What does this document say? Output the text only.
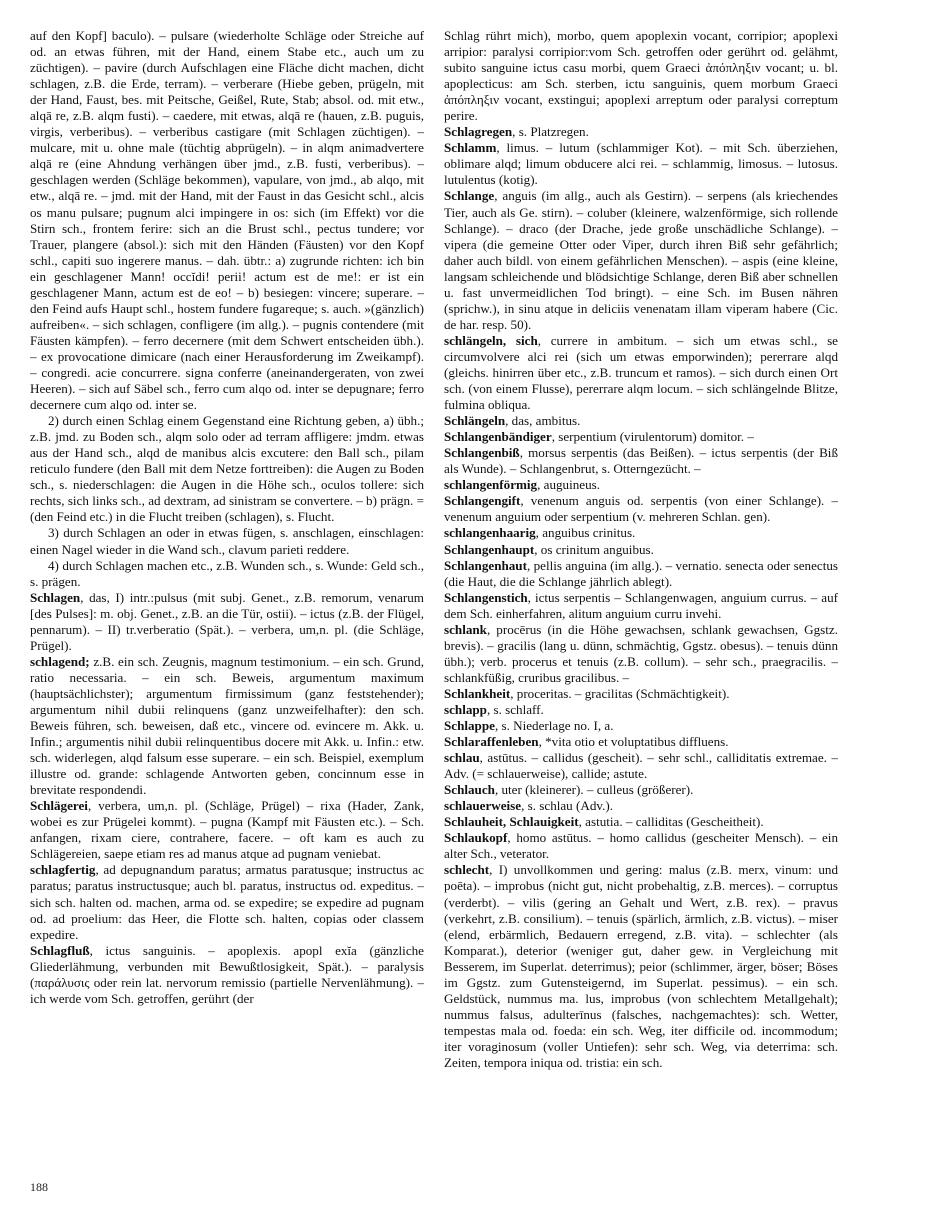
auf den Kopf] baculo). – pulsare (wiederholte Schläge oder Streiche auf od. an etwas führen, mit der Hand, einem Stabe etc., auch um zu züchtigen). – pavire (durch Aufschlagen eine Fläche dicht machen, dicht schlagen, z.B. die Erde, terram). – verberare (Hiebe geben, prügeln, mit der Hand, Faust, bes. mit Peitsche, Geißel, Rute, Stab; absol. od. mit etw., alqā re, z.B. alqm fusti). – caedere, mit etwas, alqā re (hauen, z.B. puguis, virgis, verberibus). – verberibus castigare (mit Schlagen züchtigen). – mulcare, mit u. ohne male (tüchtig abprügeln). – in alqm animadvertere alqā re (eine Ahndung verhängen über jmd., z.B. fusti, verberibus). – geschlagen werden (Schläge bekommen), vapulare, von jmd., ab alqo, mit etw., alqā re. – jmd. mit der Hand, mit der Faust in das Gesicht schl., alcis os manu pulsare; pugnum alci impingere in os: sich (im Effekt) vor die Stirn sch., frontem ferire: sich an die Brust schl., pectus tundere; vor Trauer, plangere (absol.): sich mit den Händen (Fäusten) vor den Kopf schl., capiti suo ingerere manus. – dah. übtr.: a) zugrunde richten: ich bin ein geschlagener Mann! occĭdi! perii! actum est de me!: er ist ein geschlagener Mann, actum est de eo! – b) besiegen: vincere; superare. – den Feind aufs Haupt schl., hostem fundere fugareque; s. auch. »(gänzlich) aufreiben«. – sich schlagen, confligere (im allg.). – pugnis contendere (mit Fäusten kämpfen). – ferro decernere (mit dem Schwert entscheiden übh.). – ex provocatione dimicare (nach einer Herausforderung im Zweikampf). – congredi. acie concurrere. signa conferre (aneinandergeraten, von zwei Heeren). – sich auf Säbel sch., ferro cum alqo od. inter se depugnare; ferro decernere cum alqo od. inter se.

2) durch einen Schlag einem Gegenstand eine Richtung geben, a) übh.; z.B. jmd. zu Boden sch., alqm solo oder ad terram affligere: jmdm. etwas aus der Hand sch., alqd de manibus alcis excutere: den Ball sch., pilam reticulo fundere (den Ball mit dem Netze forttreiben): die Augen zu Boden sch., s. niederschlagen: die Augen in die Höhe sch., oculos tollere: sich rechts, sich links sch., ad dextram, ad sinistram se convertere. – b) prägn. = (den Feind etc.) in die Flucht treiben (schlagen), s. Flucht.

3) durch Schlagen an oder in etwas fügen, s. anschlagen, einschlagen: einen Nagel wieder in die Wand sch., clavum parieti reddere.

4) durch Schlagen machen etc., z.B. Wunden sch., s. Wunde: Geld sch., s. prägen.

Schlagen, das, I) intr.:pulsus (mit subj. Genet., z.B. remorum, venarum [des Pulses]: m. obj. Genet., z.B. an die Tür, ostii). – ictus (z.B. der Flügel, pennarum). – II) tr.verberatio (Spät.). – verbera, um,n. pl. (die Schläge, Prügel).

schlagend; z.B. ein sch. Zeugnis, magnum testimonium. – ein sch. Grund, ratio necessaria. – ein sch. Beweis, argumentum maximum (hauptsächlichster); argumentum firmissimum (ganz feststehender); argumentum nihil dubii relinquens (ganz unzweifelhafter): den sch. Beweis führen, sch. beweisen, daß etc., vincere od. evincere m. Akk. u. Infin.; argumentis nihil dubii relinquentibus docere mit Akk. u. Infin.: etw. sch. widerlegen, alqd falsum esse superare. – ein sch. Beispiel, exemplum illustre od. grande: schlagende Antworten geben, concinnum esse in brevitate respondendi.

Schlägerei, verbera, um,n. pl. (Schläge, Prügel) – rixa (Hader, Zank, wobei es zur Prügelei kommt). – pugna (Kampf mit Fäusten etc.). – Sch. anfangen, rixam ciere, contrahere, facere. – oft kam es auch zu Schlägereien, saepe etiam res ad manus atque ad pugnam veniebat.

schlagfertig, ad depugnandum paratus; armatus paratusque; instructus ac paratus; paratus instructusque; auch bl. paratus, instructus od. expeditus. – sich sch. halten od. machen, arma od. se expedire; se expedire ad pugnam od. ad proelium: das Heer, die Flotte sch. halten, copias oder classem expedire.

Schlagfluß, ictus sanguinis. – apoplexis. apopl exĭa (gänzliche Gliederlähmung, verbunden mit Bewußtlosigkeit, Spät.). – paralysis (παράλυσις oder rein lat. nervorum remissio (partielle Nervenlähmung). – ich werde vom Sch. getroffen, gerührt (der

Schlag rührt mich), morbo, quem apoplexin vocant, corripior; apoplexi arripior: paralysi corripior:vom Sch. getroffen oder gerührt od. gelähmt, subito sanguine ictus casu morbi, quem Graeci ἀπόπληξιν vocant; u. bl. apoplecticus: am Sch. sterben, ictu sanguinis, quem morbum Graeci ἀπόπληξιν vocant, exstingui; apoplexi arreptum oder paralysi correptum perire.

Schlagregen, s. Platzregen.

Schlamm, limus. – lutum (schlammiger Kot). – mit Sch. überziehen, oblimare alqd; limum obducere alci rei. – schlammig, limosus. – lutosus. lutulentus (kotig).

Schlange, anguis (im allg., auch als Gestirn). – serpens (als kriechendes Tier, auch als Ge. stirn). – coluber (kleinere, walzenförmige, sich rollende Schlange). – draco (der Drache, jede große unschädliche Schlange). – vipera (die gemeine Otter oder Viper, durch ihren Biß sehr gefährlich; daher auch bildl. von einem gefährlichen Menschen). – aspis (eine kleine, langsam schleichende und blödsichtige Schlange, deren Biß aber schnellen u. fast unvermeidlichen Tod bringt). – eine Sch. im Busen nähren (sprichw.), in sinu atque in deliciis venenatam illam viperam habere (Cic. de har. resp. 50).

schlängeln, sich, currere in ambitum. – sich um etwas schl., se circumvolvere alci rei (sich um etwas emporwinden); pererrare alqd (gleichs. hinirren über etc., z.B. truncum et ramos). – sich durch einen Ort sch. (von einem Flusse), pererrare alqm locum. – sich schlängelnde Blitze, fulmina obliqua.

Schlängeln, das, ambitus.

Schlangenbändiger, serpentium (virulentorum) domitor. –

Schlangenbiß, morsus serpentis (das Beißen). – ictus serpentis (der Biß als Wunde). – Schlangenbrut, s. Otterngezücht. –

schlangenförmig, auguineus.

Schlangengift, venenum anguis od. serpentis (von einer Schlange). – venenum anguium oder serpentium (v. mehreren Schlan. gen).

schlangenhaarig, anguibus crinitus.

Schlangenhaupt, os crinitum anguibus.

Schlangenhaut, pellis anguina (im allg.). – vernatio. senecta oder senectus (die Haut, die die Schlange jährlich ablegt).

Schlangenstich, ictus serpentis – Schlangenwagen, anguium currus. – auf dem Sch. einherfahren, alitum anguium curru invehi.

schlank, procērus (in die Höhe gewachsen, schlank gewachsen, Ggstz. brevis). – gracilis (lang u. dünn, schmächtig, Ggstz. obesus). – tenuis dünn übh.); verb. procerus et tenuis (z.B. collum). – sehr sch., praegracilis. – schlankfüßig, cruribus gracilibus. –

Schlankheit, proceritas. – gracilitas (Schmächtigkeit).

schlapp, s. schlaff.

Schlappe, s. Niederlage no. I, a.

Schlaraffenleben, *vita otio et voluptatibus diffluens.

schlau, astūtus. – callidus (gescheit). – sehr schl., calliditatis extremae. – Adv. (= schlauerweise), callide; astute.

Schlauch, uter (kleinerer). – culleus (größerer).

schlauerweise, s. schlau (Adv.).

Schlauheit, Schlauigkeit, astutia. – calliditas (Gescheitheit).

Schlaukopf, homo astūtus. – homo callidus (gescheiter Mensch). – ein alter Sch., veterator.

schlecht, I) unvollkommen und gering: malus (z.B. merx, vinum: und poēta). – improbus (nicht gut, nicht probehaltig, z.B. merces). – corruptus (verderbt). – vilis (gering an Gehalt und Wert, z.B. rex). – pravus (verkehrt, z.B. consilium). – tenuis (spärlich, ärmlich, z.B. victus). – miser (elend, erbärmlich, Bedauern erregend, z.B. vita). – schlechter (als Komparat.), deterior (weniger gut, daher gew. in Vergleichung mit Besserem, im Superlat. deterrimus); peior (schlimmer, ärger, böser; Böses im Ggstz. zum Gutensteigernd, im Superlat. pessimus). – ein sch. Geldstück, nummus ma. lus, improbus (von schlechtem Metallgehalt); nummus falsus, adulterīnus (falsches, nachgemachtes): sch. Wetter, tempestas mala od. foeda: ein sch. Weg, iter difficile od. incommodum; iter voraginosum (voller Untiefen): sehr sch. Weg, via deterrima: sch. Zeiten, tempora iniqua od. tristia: ein sch.

188
